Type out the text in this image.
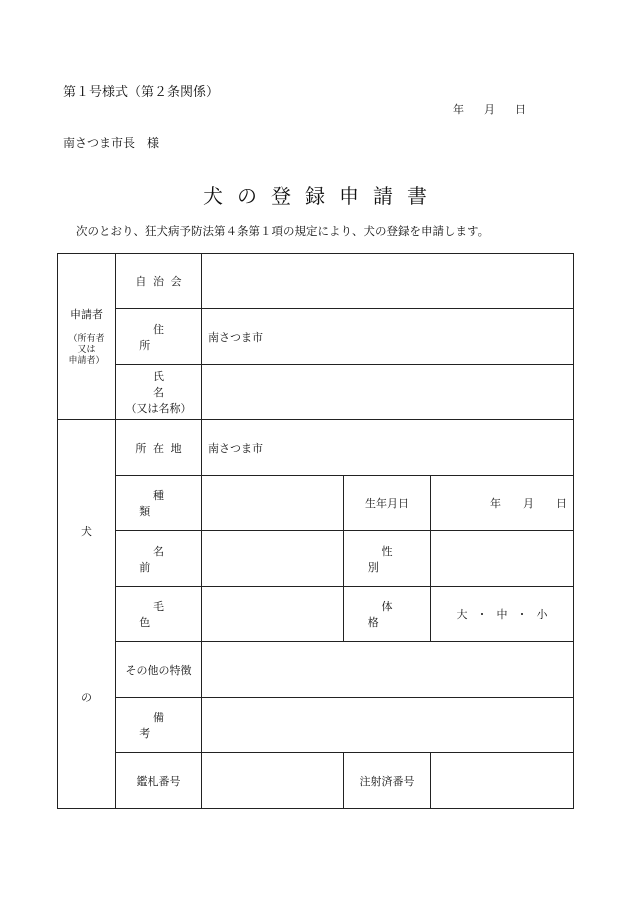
第１号様式（第２条関係）
年 月 日
南さつま市長　様
犬の登録申請書
次のとおり、狂犬病予防法第４条第１項の規定により、犬の登録を申請します。
申請者
（所有者
又は
申請者）	自治会			
	住所	南さつま市		

	氏名
（又は名称）			

犬
の	所在地	南さつま市		
	種類		生年月日	年 月 日
	名前		性別	
	毛色		体格	大 ・ 中 ・ 小
	その他の特徴			
	備考			
	鑑札番号		注射済番号	
